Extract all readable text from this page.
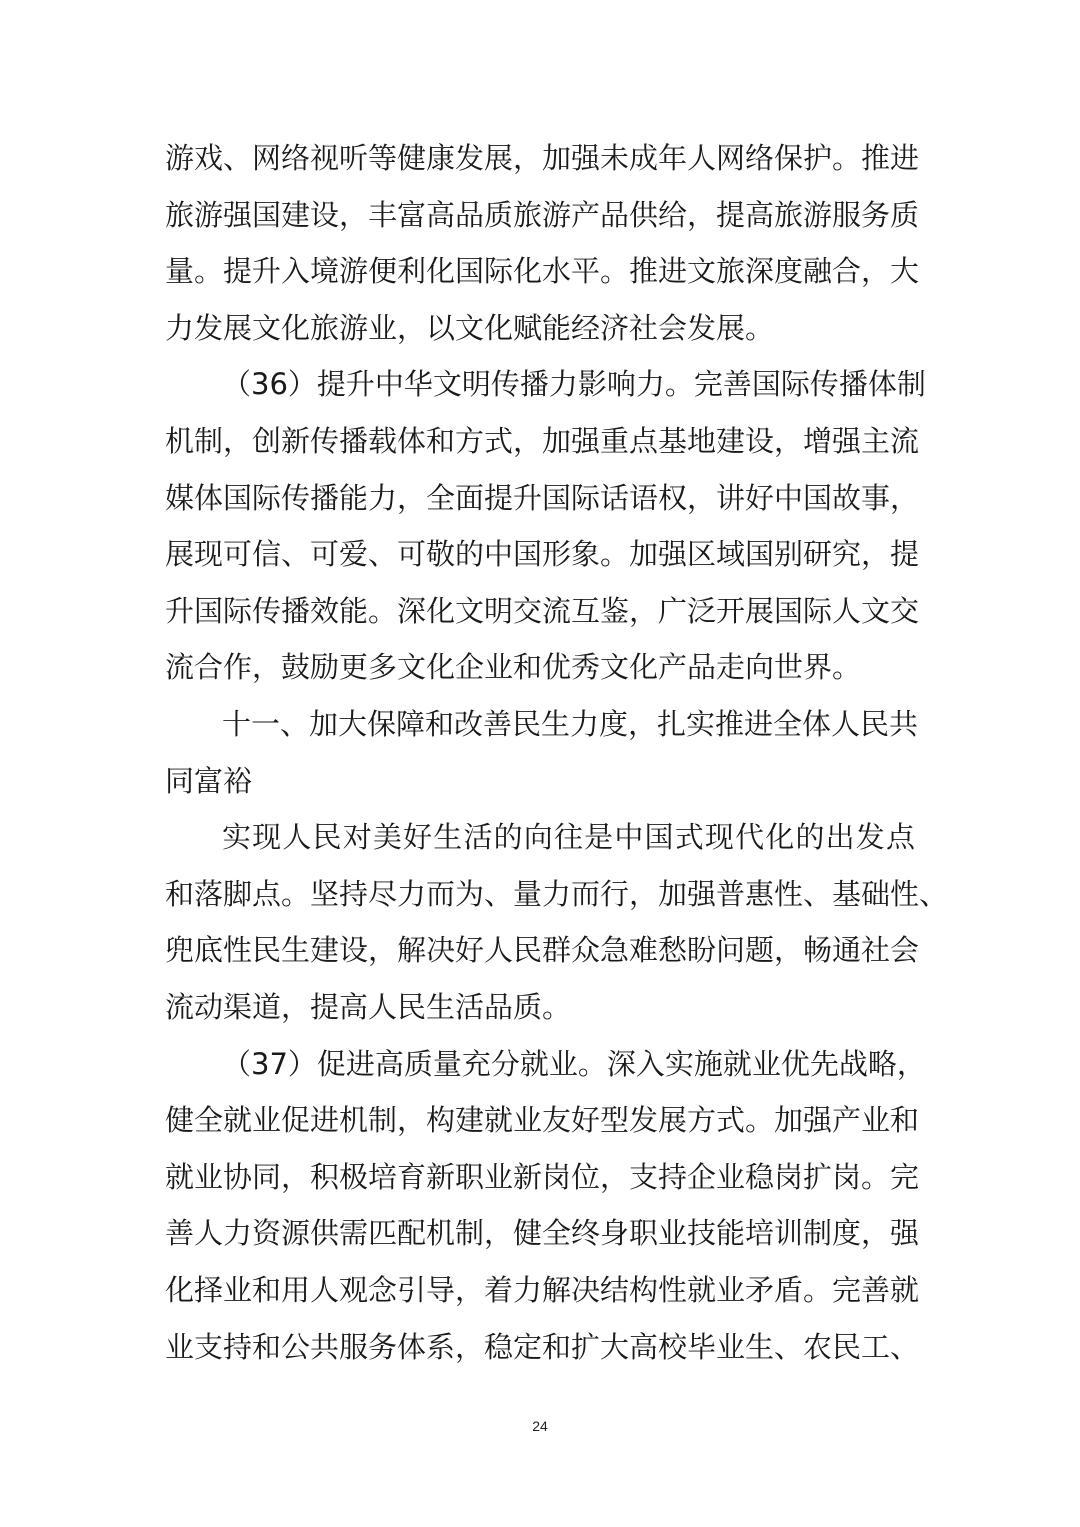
游戏、网络视听等健康发展，加强未成年人网络保护。推进
旅游强国建设，丰富高品质旅游产品供给，提高旅游服务质
量。提升入境游便利化国际化水平。推进文旅深度融合，大
力发展文化旅游业，以文化赋能经济社会发展。
（36）提升中华文明传播力影响力。完善国际传播体制
机制，创新传播载体和方式，加强重点基地建设，增强主流
媒体国际传播能力，全面提升国际话语权，讲好中国故事，
展现可信、可爱、可敬的中国形象。加强区域国别研究，提
升国际传播效能。深化文明交流互鉴，广泛开展国际人文交
流合作，鼓励更多文化企业和优秀文化产品走向世界。
十一、加大保障和改善民生力度，扎实推进全体人民共
同富裕
实现人民对美好生活的向往是中国式现代化的出发点
和落脚点。坚持尽力而为、量力而行，加强普惠性、基础性、
兜底性民生建设，解决好人民群众急难愁盼问题，畅通社会
流动渠道，提高人民生活品质。
（37）促进高质量充分就业。深入实施就业优先战略，
健全就业促进机制，构建就业友好型发展方式。加强产业和
就业协同，积极培育新职业新岗位，支持企业稳岗扩岗。完
善人力资源供需匹配机制，健全终身职业技能培训制度，强
化择业和用人观念引导，着力解决结构性就业矛盾。完善就
业支持和公共服务体系，稳定和扩大高校毕业生、农民工、
24
